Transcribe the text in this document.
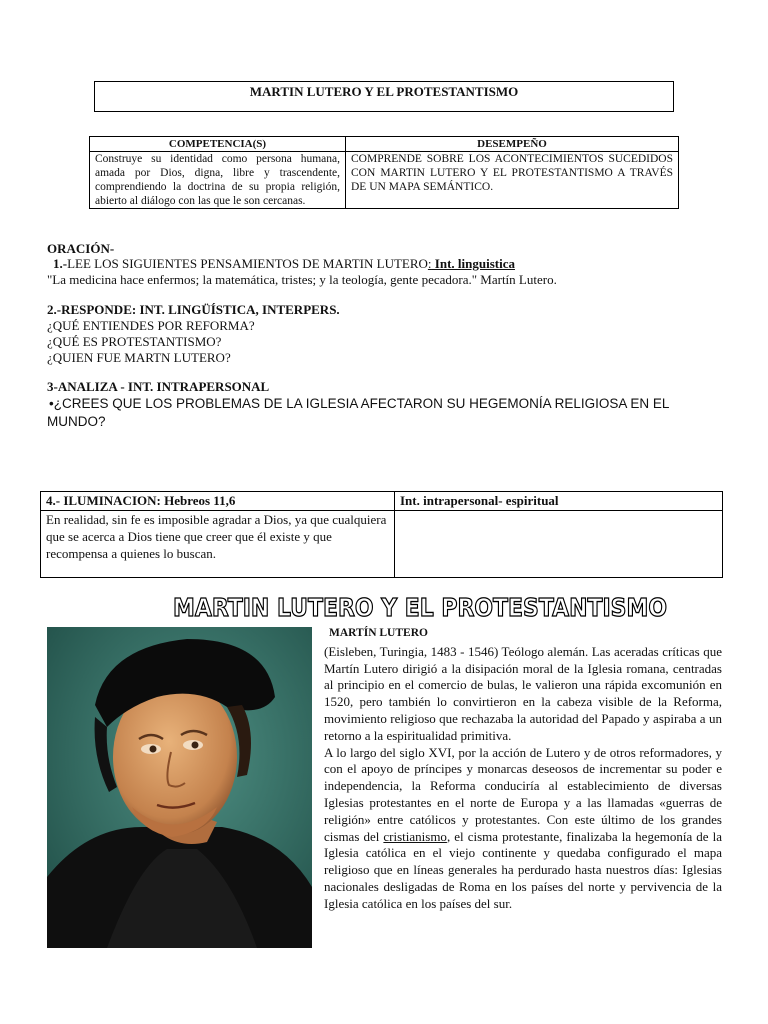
MARTIN LUTERO Y EL PROTESTANTISMO
COMPETENCIA(S)	DESEMPEÑO
Construye su identidad como persona humana, amada por Dios, digna, libre y trascendente, comprendiendo la doctrina de su propia religión, abierto al diálogo con las que le son cercanas.	COMPRENDE SOBRE LOS ACONTECIMIENTOS SUCEDIDOS CON MARTIN LUTERO Y EL PROTESTANTISMO A TRAVÉS DE UN MAPA SEMÁNTICO.
ORACIÓN-
1.-LEE LOS SIGUIENTES PENSAMIENTOS DE MARTIN LUTERO: Int. linguistica
"La medicina hace enfermos; la matemática, tristes; y la teología, gente pecadora." Martín Lutero.
2.-RESPONDE: INT. LINGÜÍSTICA, INTERPERS.
¿QUÉ ENTIENDES POR REFORMA?
¿QUÉ ES PROTESTANTISMO?
¿QUIEN FUE MARTN LUTERO?
3-ANALIZA - INT. INTRAPERSONAL
•¿CREES QUE LOS PROBLEMAS DE LA IGLESIA AFECTARON SU HEGEMONÍA RELIGIOSA EN EL MUNDO?
4.- ILUMINACION: Hebreos 11,6	Int. intrapersonal- espiritual
En realidad, sin fe es imposible agradar a Dios, ya que cualquiera que se acerca a Dios tiene que creer que él existe y que recompensa a quienes lo buscan.	
MARTIN LUTERO Y EL PROTESTANTISMO

MARTÍN LUTERO

(Eisleben, Turingia, 1483 - 1546) Teólogo alemán. Las aceradas críticas que Martín Lutero dirigió a la disipación moral de la Iglesia romana, centradas al principio en el comercio de bulas, le valieron una rápida excomunión en 1520, pero también lo convirtieron en la cabeza visible de la Reforma, movimiento religioso que rechazaba la autoridad del Papado y aspiraba a un retorno a la espiritualidad primitiva.

A lo largo del siglo XVI, por la acción de Lutero y de otros reformadores, y con el apoyo de príncipes y monarcas deseosos de incrementar su poder e independencia, la Reforma conduciría al establecimiento de diversas Iglesias protestantes en el norte de Europa y a las llamadas «guerras de religión» entre católicos y protestantes. Con este último de los grandes cismas del cristianismo, el cisma protestante, finalizaba la hegemonía de la Iglesia católica en el viejo continente y quedaba configurado el mapa religioso que en líneas generales ha perdurado hasta nuestros días: Iglesias nacionales desligadas de Roma en los países del norte y pervivencia de la Iglesia católica en los países del sur.
